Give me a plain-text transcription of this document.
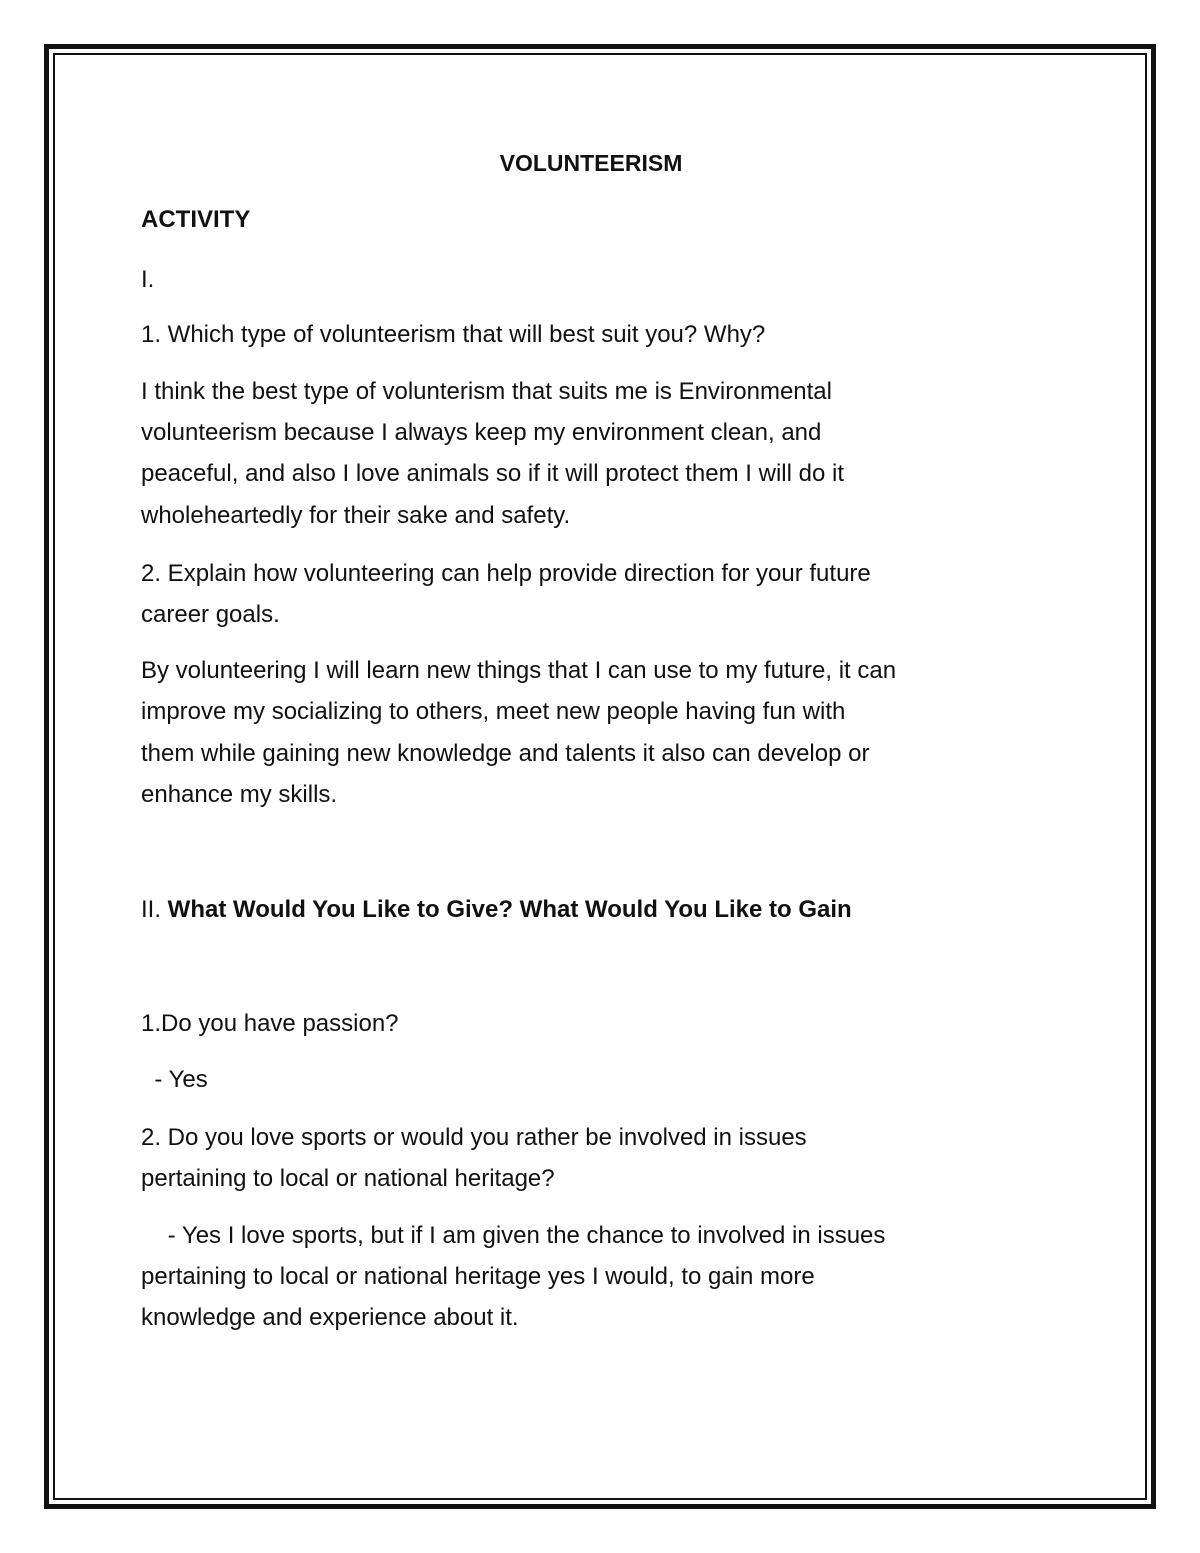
VOLUNTEERISM
ACTIVITY
I.
1. Which type of volunteerism that will best suit you? Why?
I think the best type of volunterism that suits me is Environmental
volunteerism because I always keep my environment clean, and
peaceful, and also I love animals so if it will protect them I will do it
wholeheartedly for their sake and safety.
2. Explain how volunteering can help provide direction for your future
career goals.
By volunteering I will learn new things that I can use to my future, it can
improve my socializing to others, meet new people having fun with
them while gaining new knowledge and talents it also can develop or
enhance my skills.
II. What Would You Like to Give? What Would You Like to Gain
1.Do you have passion?
- Yes
2. Do you love sports or would you rather be involved in issues
pertaining to local or national heritage?
- Yes I love sports, but if I am given the chance to involved in issues
pertaining to local or national heritage yes I would, to gain more
knowledge and experience about it.
